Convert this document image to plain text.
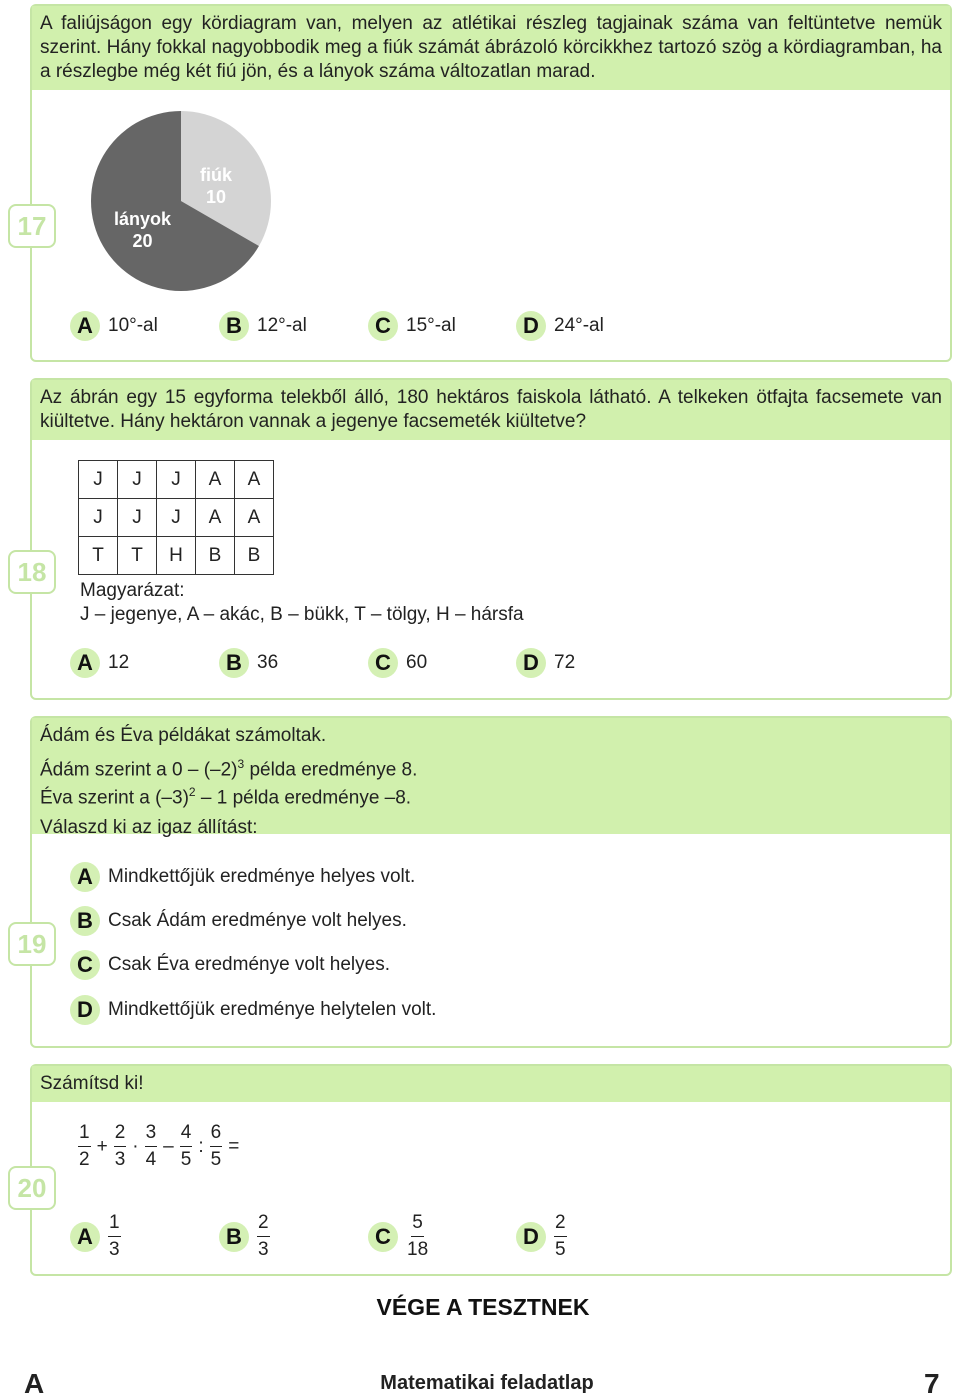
A faliújságon egy kördiagram van, melyen az atlétikai részleg tagjainak száma van feltüntetve nemük szerint. Hány fokkal nagyobbodik meg a fiúk számát ábrázoló körcikkhez tartozó szög a kördiagramban, ha a részlegbe még két fiú jön, és a lányok száma változatlan marad.
17
fiúk
10
lányok
20
A 10°-al	B 12°-al	C 15°-al	D 24°-al
Az ábrán egy 15 egyforma telekből álló, 180 hektáros faiskola látható. A telkeken ötfajta facsemete van kiültetve. Hány hektáron vannak a jegenye facsemeték kiültetve?
18
J	J	J	A	A
J	J	J	A	A
T	T	H	B	B
Magyarázat:
J – jegenye, A – akác, B – bükk, T – tölgy, H – hársfa
A 12	B 36	C 60	D 72
Ádám és Éva példákat számoltak.
Ádám szerint a $0 - (-2)^3$ példa eredménye 8.
Éva szerint a $(-3)^2 - 1$ példa eredménye –8.
Válaszd ki az igaz állítást:
19
A Mindkettőjük eredménye helyes volt.
B Csak Ádám eredménye volt helyes.
C Csak Éva eredménye volt helyes.
D Mindkettőjük eredménye helytelen volt.
Számítsd ki!
20
$\frac{1}{2} + \frac{2}{3} \cdot \frac{3}{4} - \frac{4}{5}$ : $\frac{6}{5}$ =
A $\frac{1}{3}$	B $\frac{2}{3}$	C $\frac{5}{18}$	D $\frac{2}{5}$
VÉGE A TESZTNEK
A	Matematikai feladatlap	7
